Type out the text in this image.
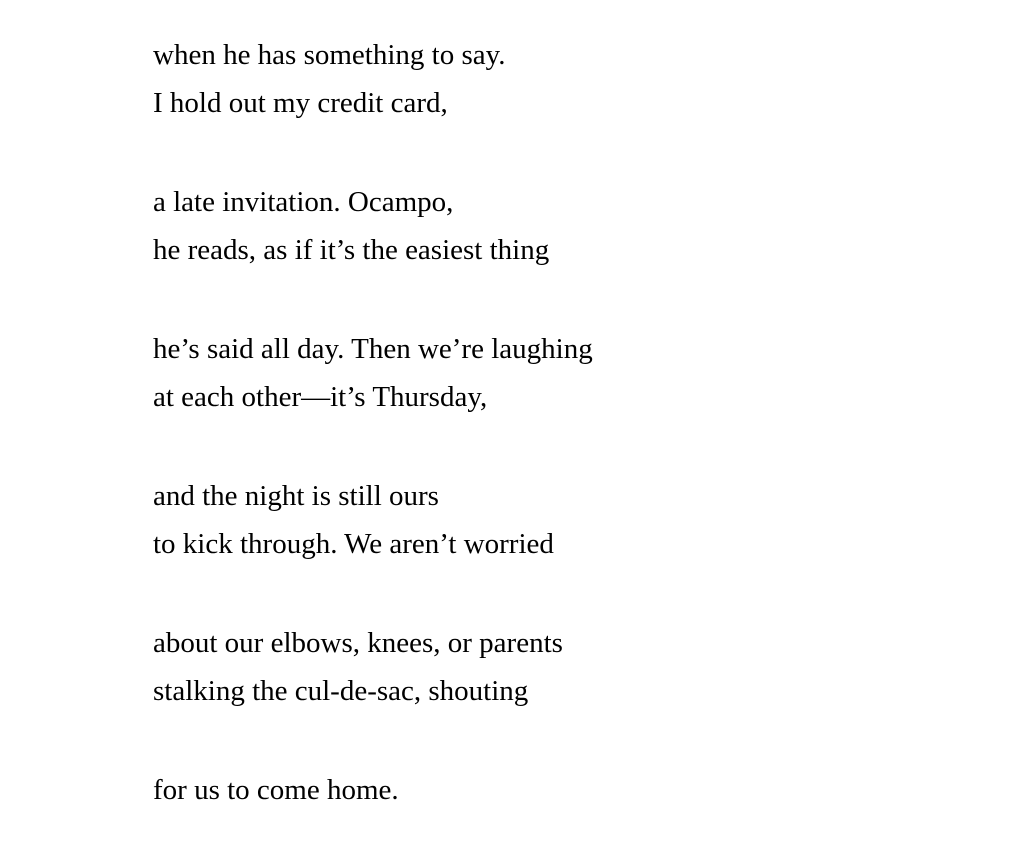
when he has something to say.
I hold out my credit card,
a late invitation. Ocampo,
he reads, as if it’s the easiest thing
he’s said all day. Then we’re laughing
at each other—it’s Thursday,
and the night is still ours
to kick through. We aren’t worried
about our elbows, knees, or parents
stalking the cul-de-sac, shouting
for us to come home.
